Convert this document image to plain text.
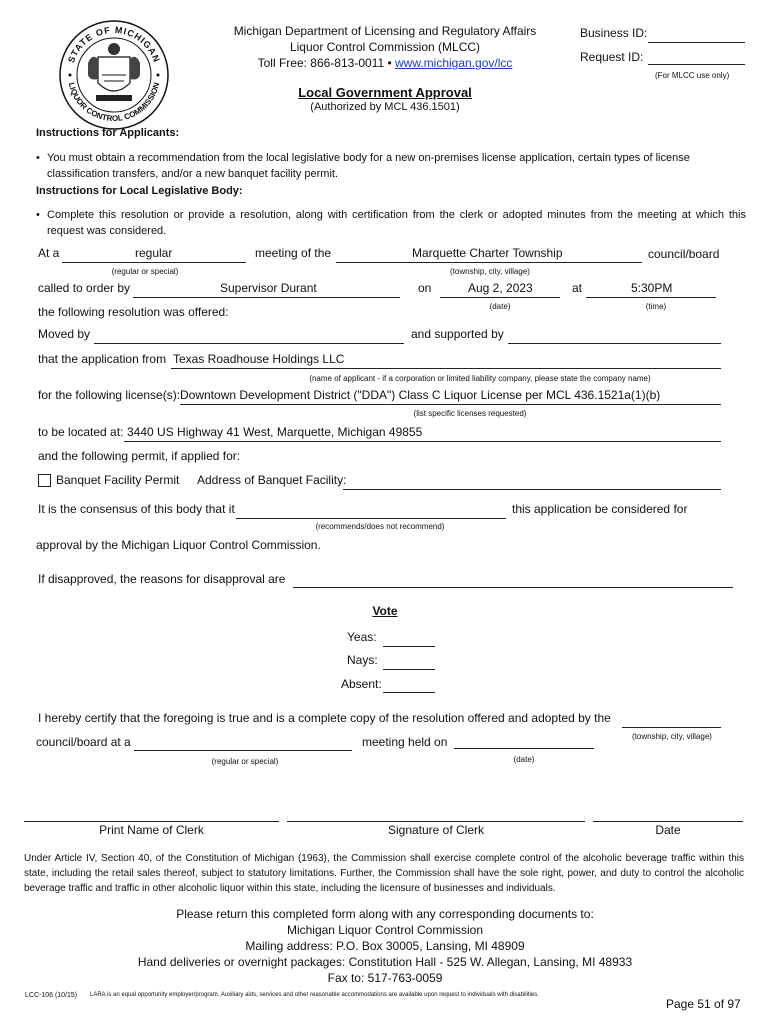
STATE OF MICHIGAN
LIQUOR CONTROL COMMISSION
Michigan Department of Licensing and Regulatory Affairs
Liquor Control Commission (MLCC)
Toll Free: 866-813-0011 • www.michigan.gov/lcc
Business ID:
Request ID:
(For MLCC use only)
Local Government Approval
(Authorized by MCL 436.1501)
Instructions for Applicants:
• You must obtain a recommendation from the local legislative body for a new on-premises license application, certain types of license classification transfers, and/or a new banquet facility permit.
Instructions for Local Legislative Body:
• Complete this resolution or provide a resolution, along with certification from the clerk or adopted minutes from the meeting at which this request was considered.
At a	regular	meeting of the	Marquette Charter Township	council/board
(regular or special)	(township, city, village)
called to order by	Supervisor Durant	on	Aug 2, 2023	at	5:30PM
the following resolution was offered:	(date)	(time)
Moved by	and supported by
that the application from Texas Roadhouse Holdings LLC
(name of applicant - if a corporation or limited liability company, please state the company name)
for the following license(s): Downtown Development District ("DDA") Class C Liquor License per MCL 436.1521a(1)(b)
(list specific licenses requested)
to be located at: 3440 US Highway 41 West, Marquette, Michigan 49855
and the following permit, if applied for:
Banquet Facility Permit Address of Banquet Facility:
It is the consensus of this body that it	this application be considered for
(recommends/does not recommend)
approval by the Michigan Liquor Control Commission.
If disapproved, the reasons for disapproval are
Vote
Yeas:
Nays:
Absent:
I hereby certify that the foregoing is true and is a complete copy of the resolution offered and adopted by the
council/board at a	meeting held on	(township, city, village)
(regular or special)	(date)
Print Name of Clerk	Signature of Clerk	Date
Under Article IV, Section 40, of the Constitution of Michigan (1963), the Commission shall exercise complete control of the alcoholic beverage traffic within this state, including the retail sales thereof, subject to statutory limitations. Further, the Commission shall have the sole right, power, and duty to control the alcoholic beverage traffic and traffic in other alcoholic liquor within this state, including the licensure of businesses and individuals.
Please return this completed form along with any corresponding documents to:
Michigan Liquor Control Commission
Mailing address: P.O. Box 30005, Lansing, MI 48909
Hand deliveries or overnight packages: Constitution Hall - 525 W. Allegan, Lansing, MI 48933
Fax to: 517-763-0059
LCC-106 (10/15) LARA is an equal opportunity employer/program. Auxiliary aids, services and other reasonable accommodations are available upon request to individuals with disabilities.
Page 51 of 97
